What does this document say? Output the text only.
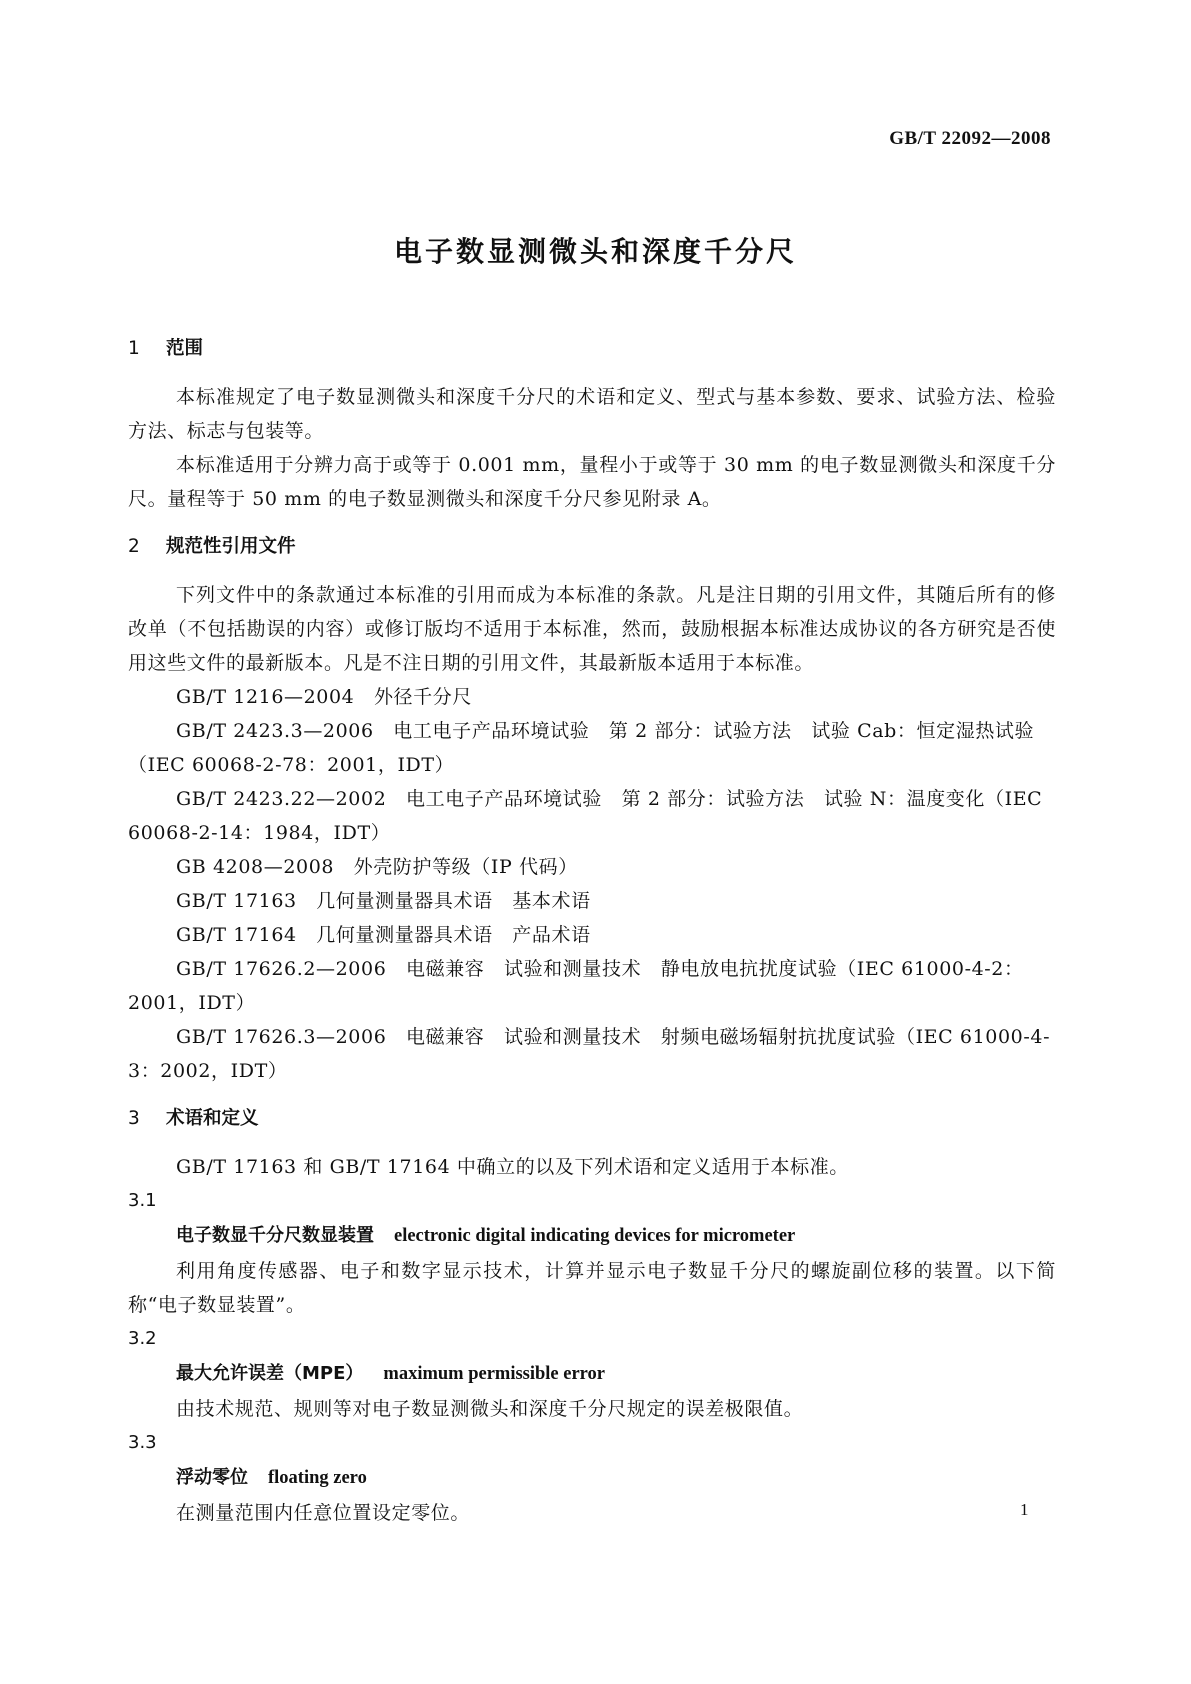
GB/T 22092—2008
电子数显测微头和深度千分尺
1 范围

本标准规定了电子数显测微头和深度千分尺的术语和定义、型式与基本参数、要求、试验方法、检验方法、标志与包装等。

本标准适用于分辨力高于或等于 0.001 mm，量程小于或等于 30 mm 的电子数显测微头和深度千分尺。量程等于 50 mm 的电子数显测微头和深度千分尺参见附录 A。

2 规范性引用文件

下列文件中的条款通过本标准的引用而成为本标准的条款。凡是注日期的引用文件，其随后所有的修改单（不包括勘误的内容）或修订版均不适用于本标准，然而，鼓励根据本标准达成协议的各方研究是否使用这些文件的最新版本。凡是不注日期的引用文件，其最新版本适用于本标准。

GB/T 1216—2004　外径千分尺

GB/T 2423.3—2006　电工电子产品环境试验　第 2 部分：试验方法　试验 Cab：恒定湿热试验（IEC 60068-2-78：2001，IDT）

GB/T 2423.22—2002　电工电子产品环境试验　第 2 部分：试验方法　试验 N：温度变化（IEC 60068-2-14：1984，IDT）

GB 4208—2008　外壳防护等级（IP 代码）

GB/T 17163　几何量测量器具术语　基本术语

GB/T 17164　几何量测量器具术语　产品术语

GB/T 17626.2—2006　电磁兼容　试验和测量技术　静电放电抗扰度试验（IEC 61000-4-2：2001，IDT）

GB/T 17626.3—2006　电磁兼容　试验和测量技术　射频电磁场辐射抗扰度试验（IEC 61000-4-3：2002，IDT）

3 术语和定义

GB/T 17163 和 GB/T 17164 中确立的以及下列术语和定义适用于本标准。

3.1

电子数显千分尺数显装置 electronic digital indicating devices for micrometer

利用角度传感器、电子和数字显示技术，计算并显示电子数显千分尺的螺旋副位移的装置。以下简称“电子数显装置”。

3.2

最大允许误差（MPE） maximum permissible error

由技术规范、规则等对电子数显测微头和深度千分尺规定的误差极限值。

3.3

浮动零位 floating zero

在测量范围内任意位置设定零位。	1
